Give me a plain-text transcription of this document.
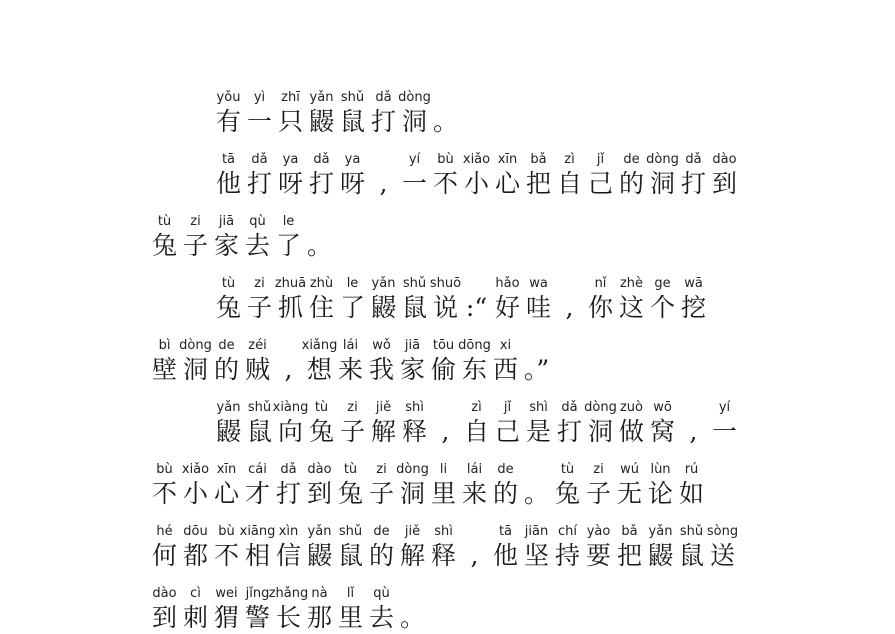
yǒu
有
yì
一
zhī
只
yǎn
鼹
shǔ
鼠
dǎ
打
dòng
洞 。
tā
他
dǎ
打
ya
呀
dǎ
打
ya
呀 ,
yí
一
bù
不
xiǎo
小
xīn
心
bǎ
把
zì
自
jǐ
己
de
的
dòng
洞
dǎ
打
dào
到
tù
兔
zi
子
jiā
家
qù
去
le
了 。
tù
兔
zi
子
zhuā
抓
zhù
住
le
了
yǎn
鼹
shǔ
鼠
shuō
说 :“
hǎo
好
wa
哇 ,
nǐ
你
zhè
这
ge
个
wā
挖
bì
壁
dòng
洞
de
的
zéi
贼 ,
xiǎng
想
lái
来
wǒ
我
jiā
家
tōu
偷
dōng
东
xi
西 。”
yǎn
鼹
shǔ
鼠
xiàng
向
tù
兔
zi
子
jiě
解
shì
释 ,
zì
自
jǐ
己
shì
是
dǎ
打
dòng
洞
zuò
做
wō
窝 ,
yí
一
bù
不
xiǎo
小
xīn
心
cái
才
dǎ
打
dào
到
tù
兔
zi
子
dòng
洞
li
里
lái
来
de
的 。
tù
兔
zi
子
wú
无
lùn
论
rú
如
hé
何
dōu
都
bù
不
xiāng
相
xìn
信
yǎn
鼹
shǔ
鼠
de
的
jiě
解
shì
释 ,
tā
他
jiān
坚
chí
持
yào
要
bǎ
把
yǎn
鼹
shǔ
鼠
sòng
送
dào
到
cì
刺
wei
猬
jǐng
警
zhǎng
长
nà
那
lǐ
里
qù
去 。
